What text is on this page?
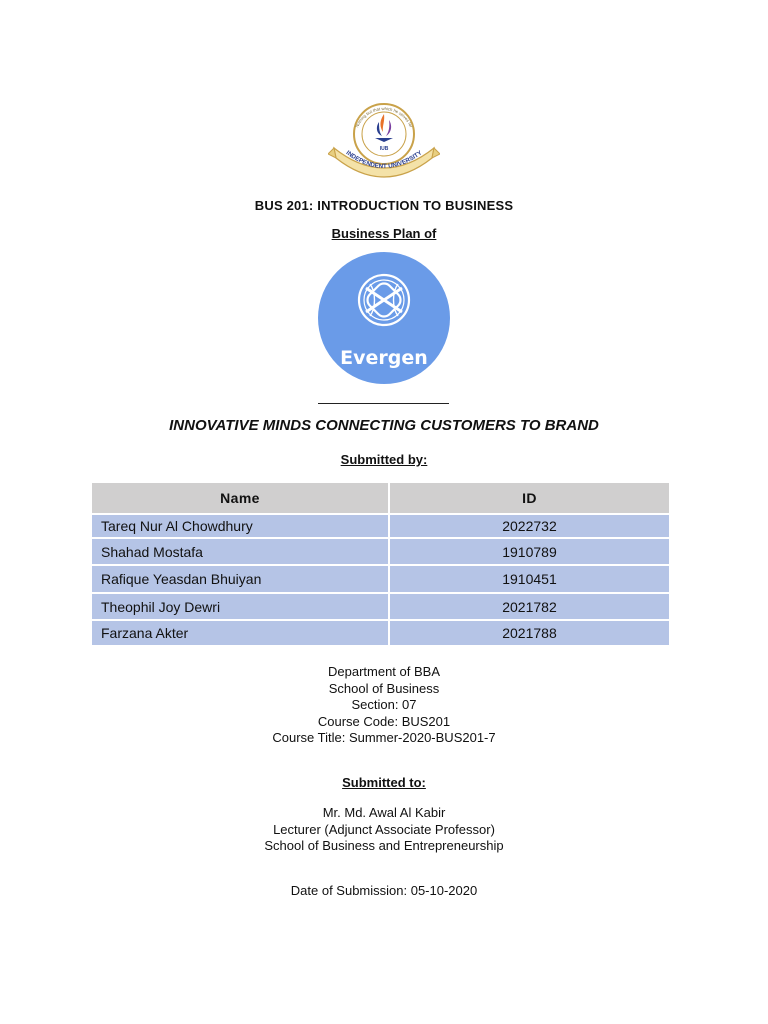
Nothing but that which he strives for
IUB
INDEPENDENT UNIVERSITY
BUS 201: INTRODUCTION TO BUSINESS
Business Plan of
Evergen
INNOVATIVE MINDS CONNECTING CUSTOMERS TO BRAND
Submitted by:
Name	ID
Tareq Nur Al Chowdhury	2022732
Shahad Mostafa	1910789
Rafique Yeasdan Bhuiyan	1910451
Theophil Joy Dewri	2021782
Farzana Akter	2021788
Department of BBA
School of Business
Section: 07
Course Code: BUS201
Course Title: Summer-2020-BUS201-7
Submitted to:
Mr. Md. Awal Al Kabir
Lecturer (Adjunct Associate Professor)
School of Business and Entrepreneurship
Date of Submission: 05-10-2020
